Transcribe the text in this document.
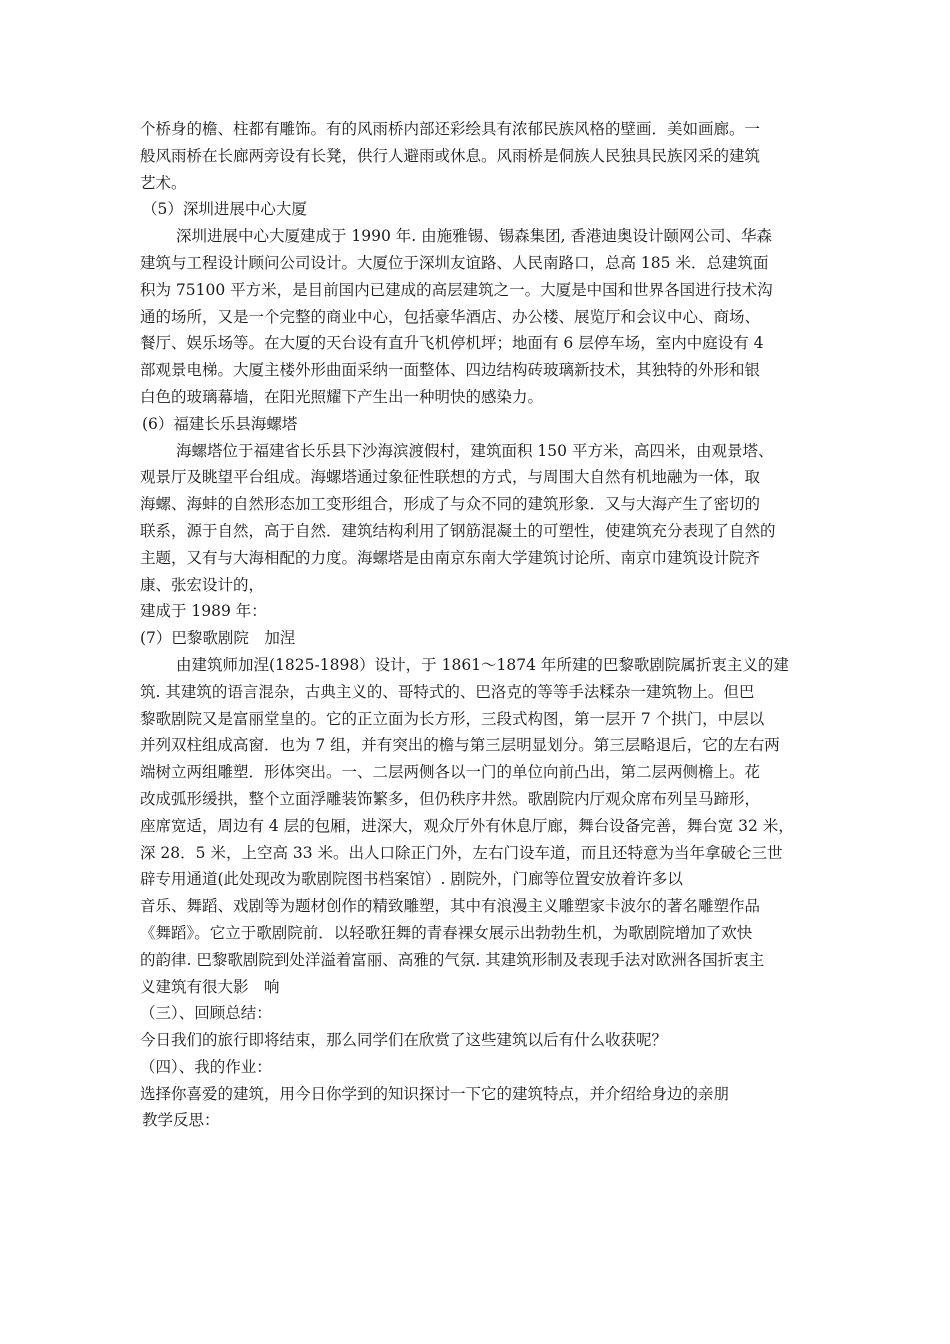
个桥身的檐、柱都有雕饰。有的风雨桥内部还彩绘具有浓郁民族风格的壁画．美如画廊。一
般风雨桥在长廊两旁设有长凳，供行人避雨或休息。风雨桥是侗族人民独具民族冈采的建筑
艺术。
（5）深圳进展中心大厦
深圳进展中心大厦建成于 1990 年. 由施雅锡、锡森集团, 香港迪奥设计颐网公司、华森
建筑与工程设计顾问公司设计。大厦位于深圳友谊路、人民南路口，总高 185 米．总建筑面
积为 75100 平方米，是目前国内已建成的高层建筑之一。大厦是中国和世界各国进行技术沟
通的场所，又是一个完整的商业中心，包括豪华酒店、办公楼、展览厅和会议中心、商场、
餐厅、娱乐场等。在大厦的天台设有直升飞机停机坪；地面有 6 层停车场，室内中庭设有 4
部观景电梯。大厦主楼外形曲面采纳一面整体、四边结构砖玻璃新技术，其独特的外形和银
白色的玻璃幕墙，在阳光照耀下产生出一种明快的感染力。
(6）福建长乐县海螺塔
海螺塔位于福建省长乐县下沙海滨渡假村，建筑面积 150 平方米，高四米，由观景塔、
观景厅及眺望平台组成。海螺塔通过象征性联想的方式，与周围大自然有机地融为一体，取
海螺、海蚌的自然形态加工变形组合，形成了与众不同的建筑形象．又与大海产生了密切的
联系，源于自然，高于自然．建筑结构利用了钢筋混凝土的可塑性，使建筑充分表现了自然的
主题，又有与大海相配的力度。海螺塔是由南京东南大学建筑讨论所、南京巾建筑设计院齐
康、张宏设计的，
建成于 1989 年：
(7）巴黎歌剧院　加涅
由建筑师加涅(1825-1898）设计，于 1861～1874 年所建的巴黎歌剧院属折衷主义的建
筑. 其建筑的语言混杂，古典主义的、哥特式的、巴洛克的等等手法糅杂一建筑物上。但巴
黎歌剧院又是富丽堂皇的。它的正立面为长方形，三段式构图，第一层开 7 个拱门，中层以
并列双柱组成高窗．也为 7 组，并有突出的檐与第三层明显划分。第三层略退后，它的左右两
端树立两组雕塑．形体突出。一、二层两侧各以一门的单位向前凸出，第二层两侧檐上。花
改成弧形缓拱，整个立面浮雕装饰繁多，但仍秩序井然。歌剧院内厅观众席布列呈马蹄形，
座席宽适，周边有 4 层的包厢，进深大，观众厅外有休息厅廊，舞台设备完善，舞台宽 32 米，
深 28．5 米，上空高 33 米。出人口除正门外，左右门设车道，而且还特意为当年拿破仑三世
辟专用通道(此处现改为歌剧院图书档案馆）. 剧院外，门廊等位置安放着许多以
音乐、舞蹈、戏剧等为题材创作的精致雕塑，其中有浪漫主义雕塑家卡波尔的著名雕塑作品
《舞蹈》。它立于歌剧院前．以轻歌狂舞的青春裸女展示出勃勃生机，为歌剧院增加了欢快
的韵律. 巴黎歌剧院到处洋溢着富丽、高雅的气氛. 其建筑形制及表现手法对欧洲各国折衷主
义建筑有很大影　响
（三）、回顾总结：
今日我们的旅行即将结束，那么同学们在欣赏了这些建筑以后有什么收获呢？
（四）、我的作业：
选择你喜爱的建筑，用今日你学到的知识探讨一下它的建筑特点，并介绍给身边的亲朋
教学反思：
